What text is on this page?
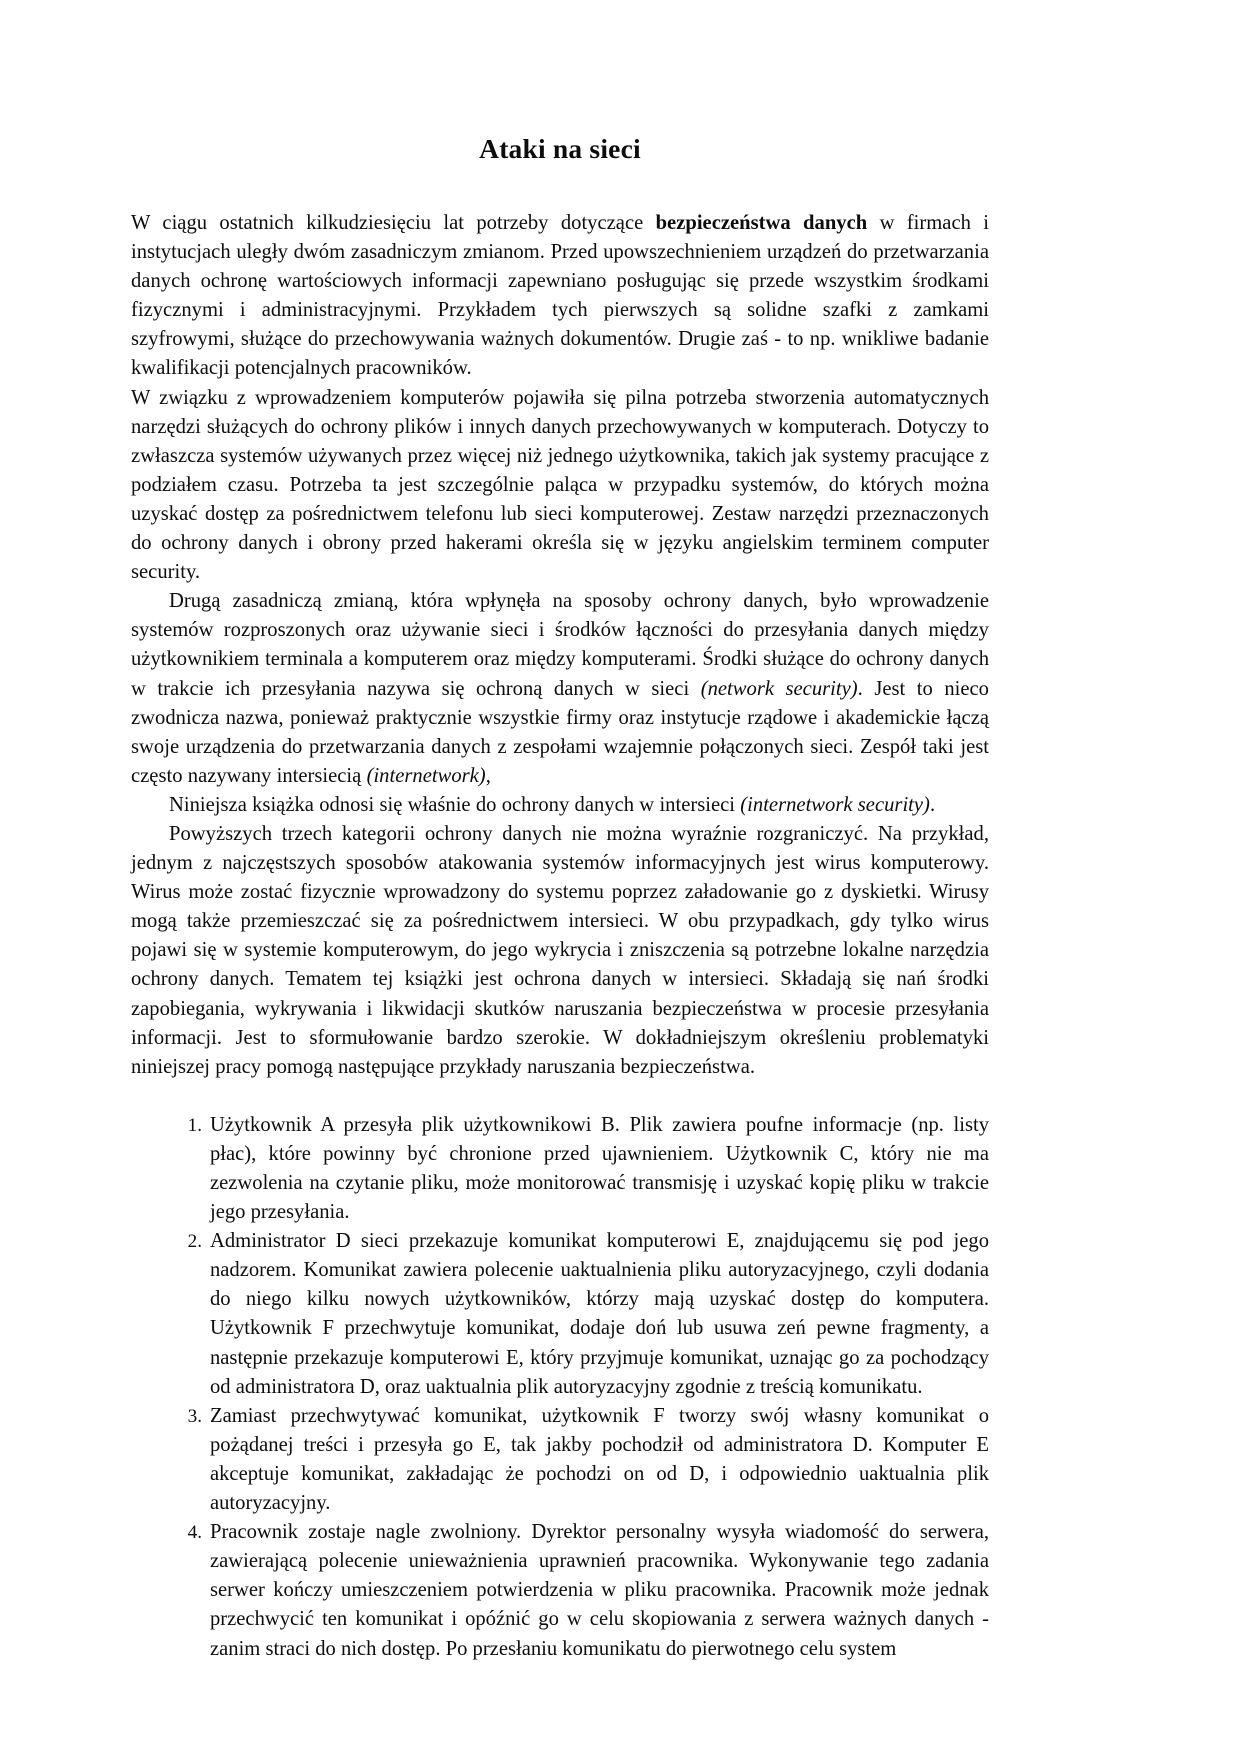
Ataki na sieci

W ciągu ostatnich kilkudziesięciu lat potrzeby dotyczące bezpieczeństwa danych w firmach i instytucjach uległy dwóm zasadniczym zmianom. Przed upowszechnieniem urządzeń do przetwarzania danych ochronę wartościowych informacji zapewniano posługując się przede wszystkim środkami fizycznymi i administracyjnymi. Przykładem tych pierwszych są solidne szafki z zamkami szyfrowymi, służące do przechowywania ważnych dokumentów. Drugie zaś - to np. wnikliwe badanie kwalifikacji potencjalnych pracowników.

W związku z wprowadzeniem komputerów pojawiła się pilna potrzeba stworzenia automatycznych narzędzi służących do ochrony plików i innych danych przechowywanych w komputerach. Dotyczy to zwłaszcza systemów używanych przez więcej niż jednego użytkownika, takich jak systemy pracujące z podziałem czasu. Potrzeba ta jest szczególnie paląca w przypadku systemów, do których można uzyskać dostęp za pośrednictwem telefonu lub sieci komputerowej. Zestaw narzędzi przeznaczonych do ochrony danych i obrony przed hakerami określa się w języku angielskim terminem computer security.

Drugą zasadniczą zmianą, która wpłynęła na sposoby ochrony danych, było wprowadzenie systemów rozproszonych oraz używanie sieci i środków łączności do przesyłania danych między użytkownikiem terminala a komputerem oraz między komputerami. Środki służące do ochrony danych w trakcie ich przesyłania nazywa się ochroną danych w sieci (network security). Jest to nieco zwodnicza nazwa, ponieważ praktycznie wszystkie firmy oraz instytucje rządowe i akademickie łączą swoje urządzenia do przetwarzania danych z zespołami wzajemnie połączonych sieci. Zespół taki jest często nazywany intersiecią (internetwork),

Niniejsza książka odnosi się właśnie do ochrony danych w intersieci (internetwork security).

Powyższych trzech kategorii ochrony danych nie można wyraźnie rozgraniczyć. Na przykład, jednym z najczęstszych sposobów atakowania systemów informacyjnych jest wirus komputerowy. Wirus może zostać fizycznie wprowadzony do systemu poprzez załadowanie go z dyskietki. Wirusy mogą także przemieszczać się za pośrednictwem intersieci. W obu przypadkach, gdy tylko wirus pojawi się w systemie komputerowym, do jego wykrycia i zniszczenia są potrzebne lokalne narzędzia ochrony danych. Tematem tej książki jest ochrona danych w intersieci. Składają się nań środki zapobiegania, wykrywania i likwidacji skutków naruszania bezpieczeństwa w procesie przesyłania informacji. Jest to sformułowanie bardzo szerokie. W dokładniejszym określeniu problematyki niniejszej pracy pomogą następujące przykłady naruszania bezpieczeństwa.

Użytkownik A przesyła plik użytkownikowi B. Plik zawiera poufne informacje (np. listy płac), które powinny być chronione przed ujawnieniem. Użytkownik C, który nie ma zezwolenia na czytanie pliku, może monitorować transmisję i uzyskać kopię pliku w trakcie jego przesyłania.
Administrator D sieci przekazuje komunikat komputerowi E, znajdującemu się pod jego nadzorem. Komunikat zawiera polecenie uaktualnienia pliku autoryzacyjnego, czyli dodania do niego kilku nowych użytkowników, którzy mają uzyskać dostęp do komputera. Użytkownik F przechwytuje komunikat, dodaje doń lub usuwa zeń pewne fragmenty, a następnie przekazuje komputerowi E, który przyjmuje komunikat, uznając go za pochodzący od administratora D, oraz uaktualnia plik autoryzacyjny zgodnie z treścią komunikatu.
Zamiast przechwytywać komunikat, użytkownik F tworzy swój własny komunikat o pożądanej treści i przesyła go E, tak jakby pochodził od administratora D. Komputer E akceptuje komunikat, zakładając że pochodzi on od D, i odpowiednio uaktualnia plik autoryzacyjny.
Pracownik zostaje nagle zwolniony. Dyrektor personalny wysyła wiadomość do serwera, zawierającą polecenie unieważnienia uprawnień pracownika. Wykonywanie tego zadania serwer kończy umieszczeniem potwierdzenia w pliku pracownika. Pracownik może jednak przechwycić ten komunikat i opóźnić go w celu skopiowania z serwera ważnych danych - zanim straci do nich dostęp. Po przesłaniu komunikatu do pierwotnego celu system
